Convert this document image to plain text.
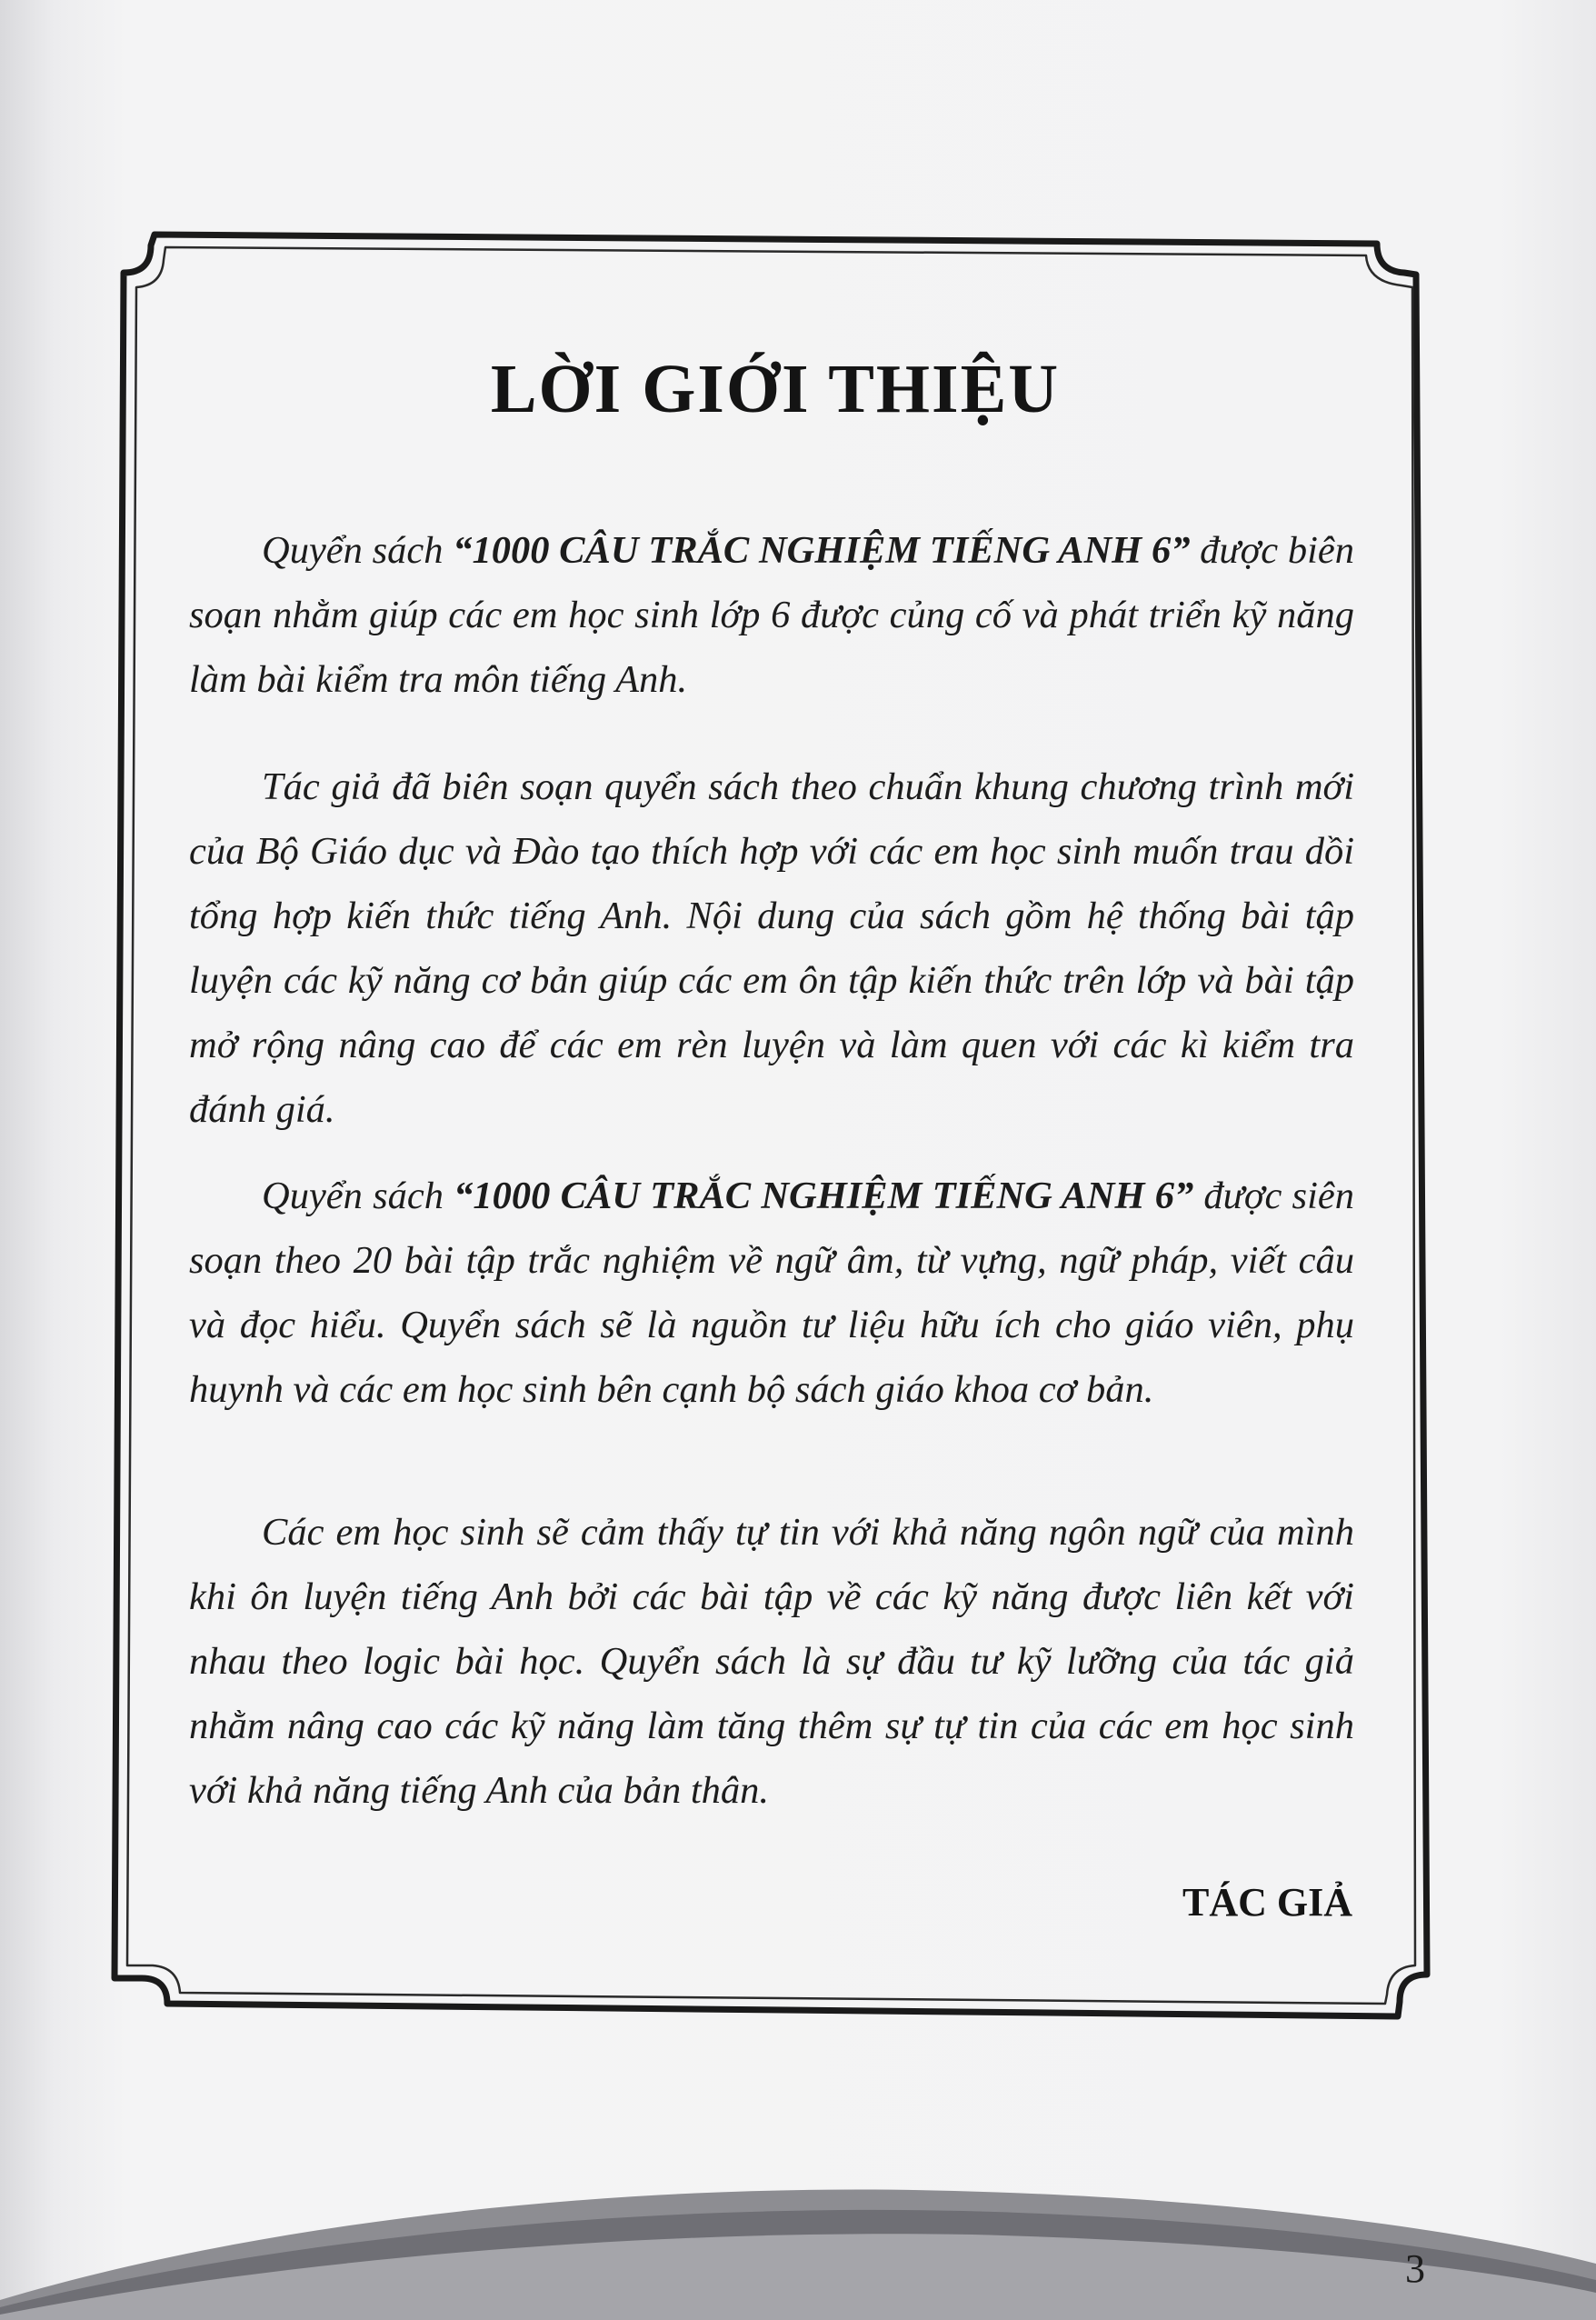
LỜI GIỚI THIỆU

Quyển sách “1000 CÂU TRẮC NGHIỆM TIẾNG ANH 6” được biên soạn nhằm giúp các em học sinh lớp 6 được củng cố và phát triển kỹ năng làm bài kiểm tra môn tiếng Anh.

Tác giả đã biên soạn quyển sách theo chuẩn khung chương trình mới của Bộ Giáo dục và Đào tạo thích hợp với các em học sinh muốn trau dồi tổng hợp kiến thức tiếng Anh. Nội dung của sách gồm hệ thống bài tập luyện các kỹ năng cơ bản giúp các em ôn tập kiến thức trên lớp và bài tập mở rộng nâng cao để các em rèn luyện và làm quen với các kì kiểm tra đánh giá.

Quyển sách “1000 CÂU TRẮC NGHIỆM TIẾNG ANH 6” được siên soạn theo 20 bài tập trắc nghiệm về ngữ âm, từ vựng, ngữ pháp, viết câu và đọc hiểu. Quyển sách sẽ là nguồn tư liệu hữu ích cho giáo viên, phụ huynh và các em học sinh bên cạnh bộ sách giáo khoa cơ bản.

Các em học sinh sẽ cảm thấy tự tin với khả năng ngôn ngữ của mình khi ôn luyện tiếng Anh bởi các bài tập về các kỹ năng được liên kết với nhau theo logic bài học. Quyển sách là sự đầu tư kỹ lưỡng của tác giả nhằm nâng cao các kỹ năng làm tăng thêm sự tự tin của các em học sinh với khả năng tiếng Anh của bản thân.

TÁC GIẢ
3
